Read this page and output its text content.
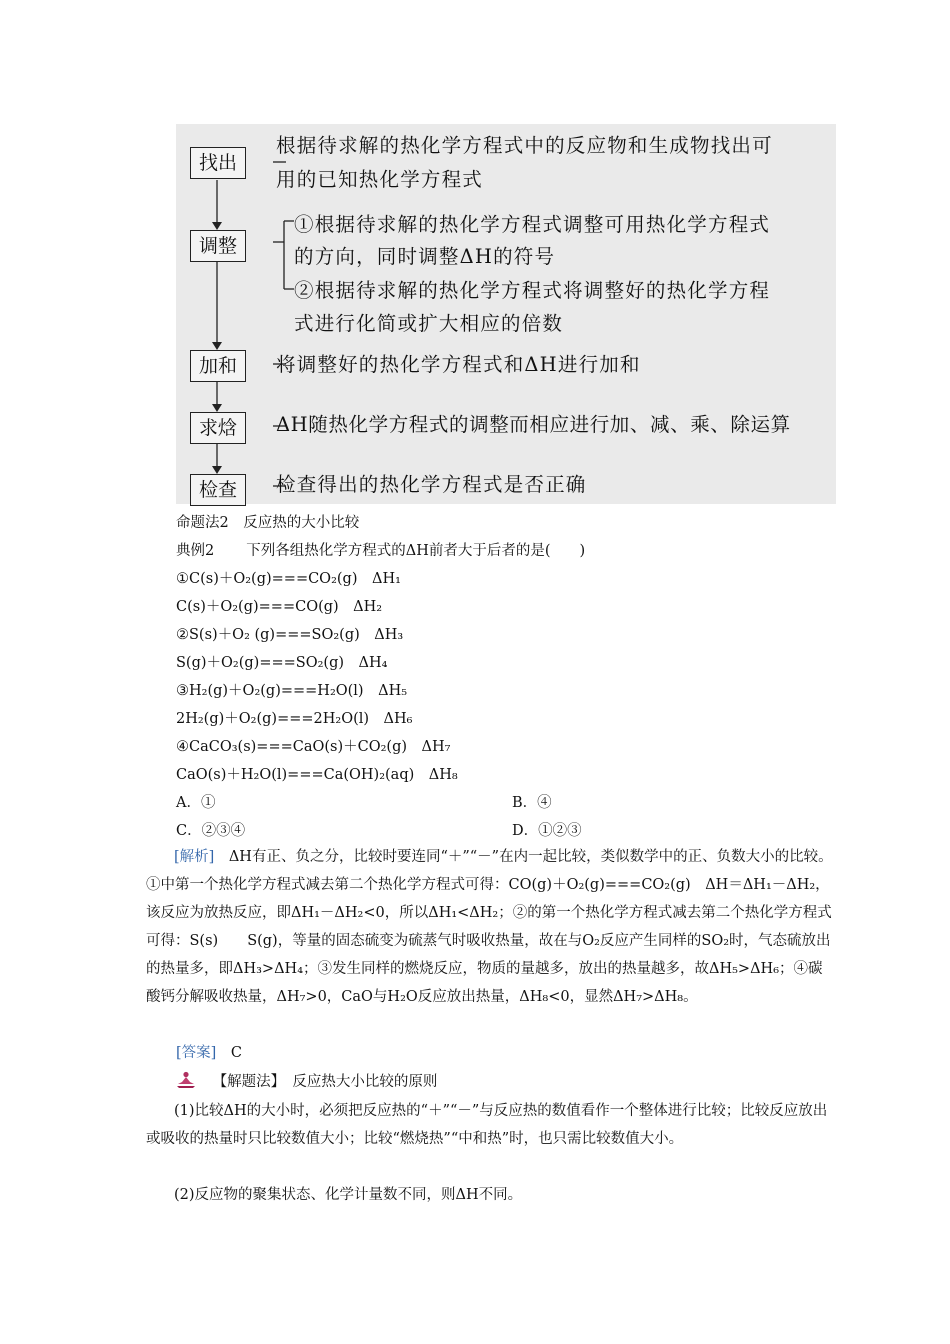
找出
调整
加和
求焓
检查
根据待求解的热化学方程式中的反应物和生成物找出可
用的已知热化学方程式
①根据待求解的热化学方程式调整可用热化学方程式
的方向，同时调整ΔH的符号
②根据待求解的热化学方程式将调整好的热化学方程
式进行化简或扩大相应的倍数
将调整好的热化学方程式和ΔH进行加和
ΔH随热化学方程式的调整而相应进行加、减、乘、除运算
检查得出的热化学方程式是否正确
命题法2　反应热的大小比较
典例2 下列各组热化学方程式的ΔH前者大于后者的是(　　)
①C(s)＋O₂(g)===CO₂(g)　ΔH₁
C(s)＋O₂(g)===CO(g)　ΔH₂
②S(s)＋O₂ (g)===SO₂(g)　ΔH₃
S(g)＋O₂(g)===SO₂(g)　ΔH₄
③H₂(g)＋O₂(g)===H₂O(l)　ΔH₅
2H₂(g)＋O₂(g)===2H₂O(l)　ΔH₆
④CaCO₃(s)===CaO(s)＋CO₂(g)　ΔH₇
CaO(s)＋H₂O(l)===Ca(OH)₂(aq)　ΔH₈
A．①	B．④
C．②③④	D．①②③
[解析]　 ΔH有正、负之分，比较时要连同“＋”“－”在内一起比较，类似数学中的正、负数大小的比较。①中第一个热化学方程式减去第二个热化学方程式可得：CO(g)＋O₂(g)===CO₂(g)　ΔH＝ΔH₁－ΔH₂，该反应为放热反应，即ΔH₁－ΔH₂<0，所以ΔH₁<ΔH₂；②的第一个热化学方程式减去第二个热化学方程式可得：S(s)　　S(g)，等量的固态硫变为硫蒸气时吸收热量，故在与O₂反应产生同样的SO₂时，气态硫放出的热量多，即ΔH₃>ΔH₄；③发生同样的燃烧反应，物质的量越多，放出的热量越多，故ΔH₅>ΔH₆；④碳酸钙分解吸收热量，ΔH₇>0，CaO与H₂O反应放出热量，ΔH₈<0，显然ΔH₇>ΔH₈。
[答案]　 C
【解题法】　反应热大小比较的原则
(1)比较ΔH的大小时，必须把反应热的“＋”“－”与反应热的数值看作一个整体进行比较；比较反应放出或吸收的热量时只比较数值大小；比较“燃烧热”“中和热”时，也只需比较数值大小。
(2)反应物的聚集状态、化学计量数不同，则ΔH不同。
